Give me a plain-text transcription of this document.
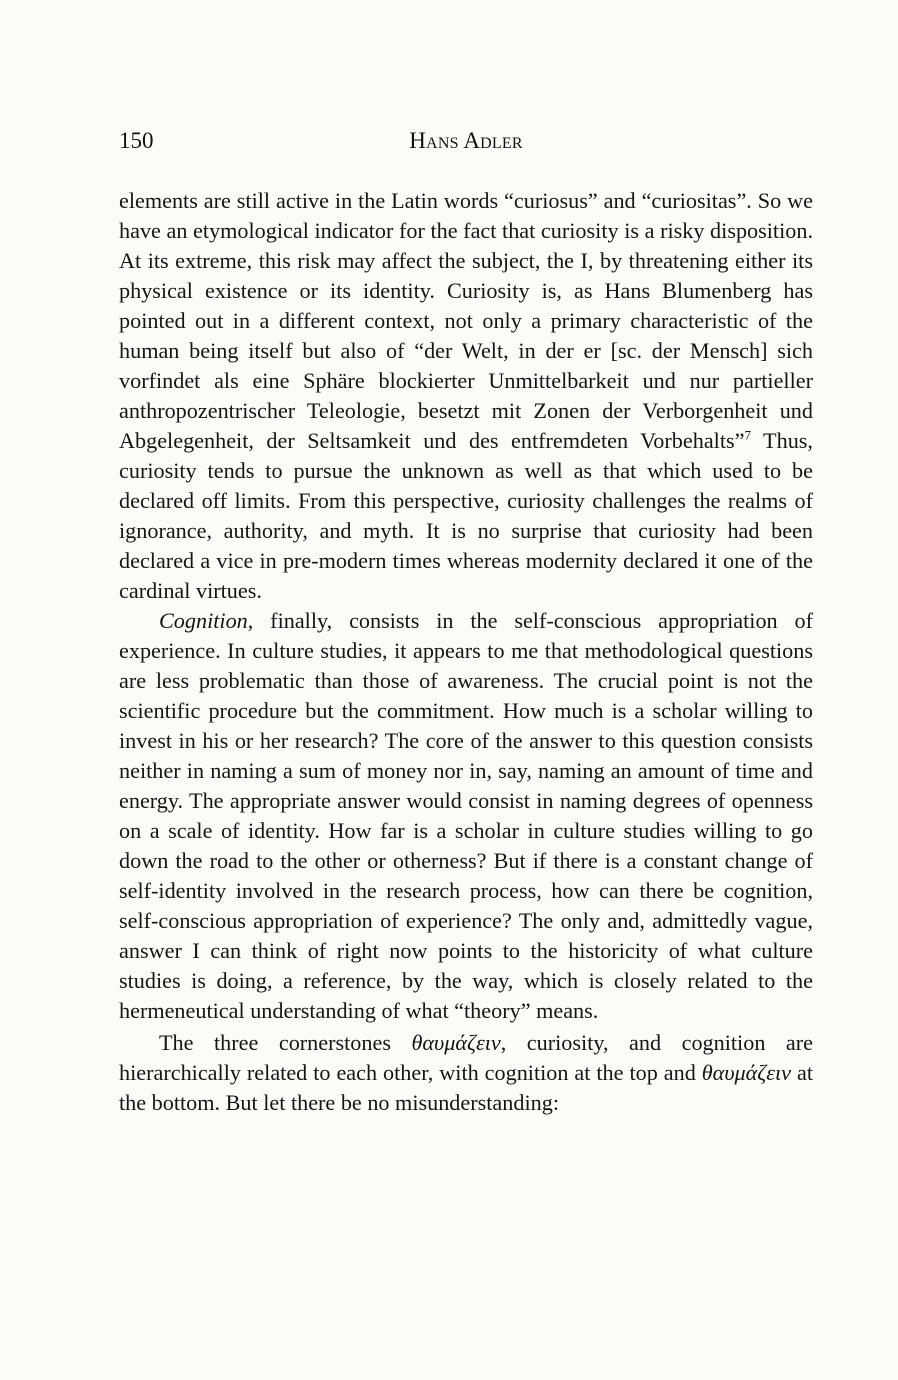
150	Hans Adler

elements are still active in the Latin words “curiosus” and “curiositas”. So we have an etymological indicator for the fact that curiosity is a risky disposition. At its extreme, this risk may affect the subject, the I, by threatening either its physical existence or its identity. Curiosity is, as Hans Blumenberg has pointed out in a different context, not only a primary characteristic of the human being itself but also of “der Welt, in der er [sc. der Mensch] sich vorfindet als eine Sphäre blockierter Unmittelbarkeit und nur partieller anthropozentrischer Teleologie, besetzt mit Zonen der Verborgenheit und Abgelegenheit, der Seltsamkeit und des entfremdeten Vorbehalts”$^7$ Thus, curiosity tends to pursue the unknown as well as that which used to be declared off limits. From this perspective, curiosity challenges the realms of ignorance, authority, and myth. It is no surprise that curiosity had been declared a vice in pre-modern times whereas modernity declared it one of the cardinal virtues.

Cognition, finally, consists in the self-conscious appropriation of experience. In culture studies, it appears to me that methodological questions are less problematic than those of awareness. The crucial point is not the scientific procedure but the commitment. How much is a scholar willing to invest in his or her research? The core of the answer to this question consists neither in naming a sum of money nor in, say, naming an amount of time and energy. The appropriate answer would consist in naming degrees of openness on a scale of identity. How far is a scholar in culture studies willing to go down the road to the other or otherness? But if there is a constant change of self-identity involved in the research process, how can there be cognition, self-conscious appropriation of experience? The only and, admittedly vague, answer I can think of right now points to the historicity of what culture studies is doing, a reference, by the way, which is closely related to the hermeneutical understanding of what “theory” means.

The three cornerstones θαυμάζειν, curiosity, and cognition are hierarchically related to each other, with cognition at the top and θαυμάζειν at the bottom. But let there be no misunderstanding:
